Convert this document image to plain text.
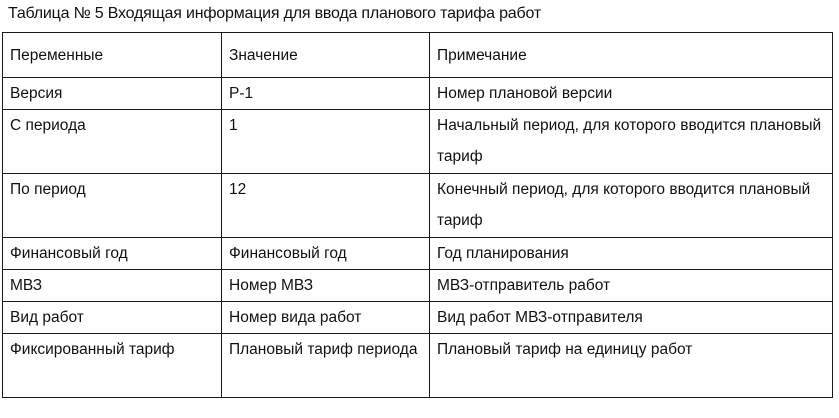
Таблица № 5 Входящая информация для ввода планового тарифа работ
Переменные	Значение	Примечание
Версия	Р-1	Номер плановой версии
С периода	1	Начальный период, для которого вводится плановый тариф
По период	12	Конечный период, для которого вводится плановый тариф
Финансовый год	Финансовый год	Год планирования
МВЗ	Номер МВЗ	МВЗ-отправитель работ
Вид работ	Номер вида работ	Вид работ МВЗ-отправителя
Фиксированный тариф	Плановый тариф периода	Плановый тариф на единицу работ
